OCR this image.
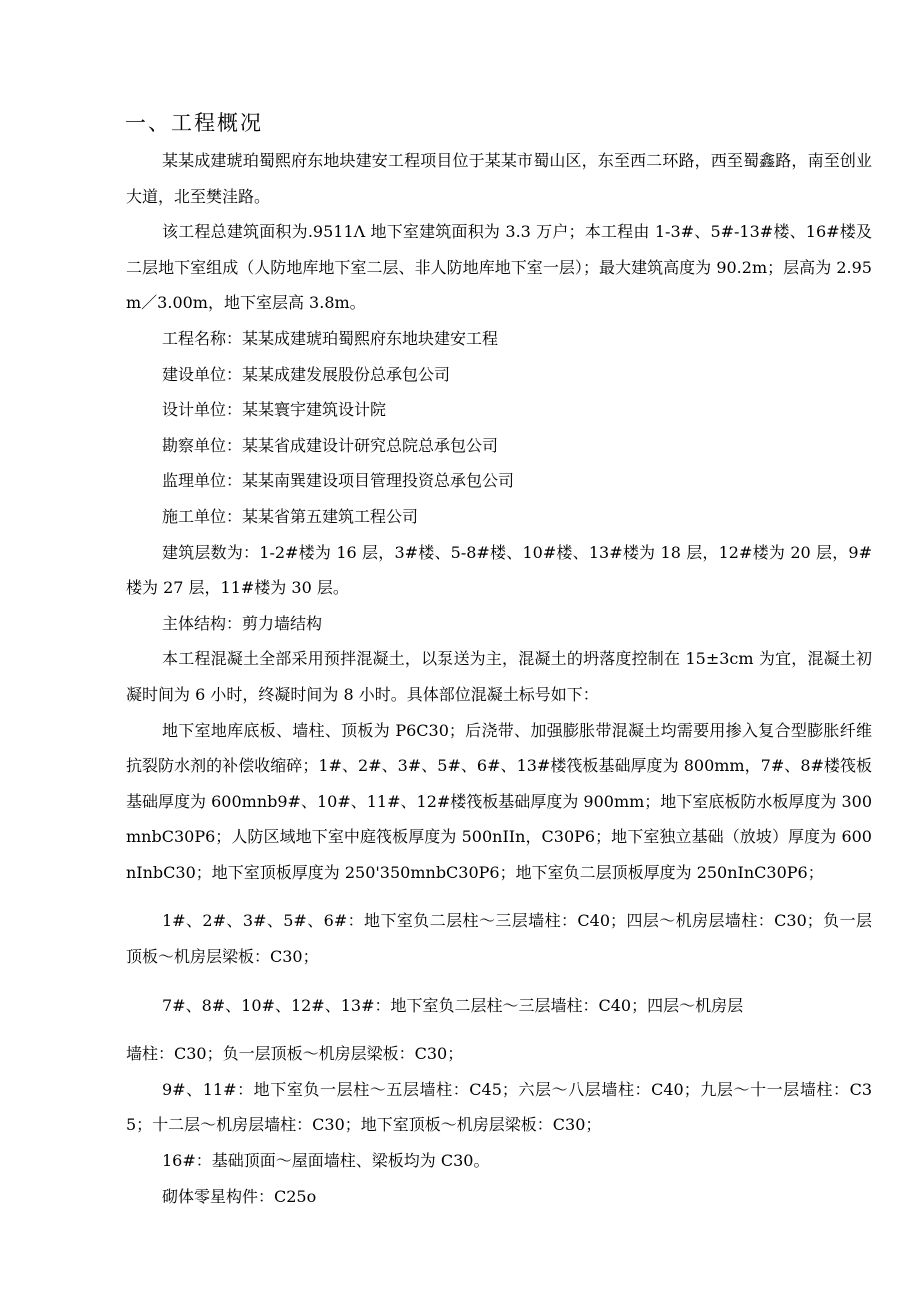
一、工程概况

某某成建琥珀蜀熙府东地块建安工程项目位于某某市蜀山区，东至西二环路，西至蜀鑫路，南至创业大道，北至樊洼路。

该工程总建筑面积为.9511Λ 地下室建筑面积为 3.3 万户；本工程由 1-3#、5#-13#楼、16#楼及二层地下室组成（人防地库地下室二层、非人防地库地下室一层）；最大建筑高度为 90.2m；层高为 2.95m／3.00m，地下室层高 3.8m。

工程名称：某某成建琥珀蜀熙府东地块建安工程

建设单位：某某成建发展股份总承包公司

设计单位：某某寰宇建筑设计院

勘察单位：某某省成建设计研究总院总承包公司

监理单位：某某南巽建设项目管理投资总承包公司

施工单位：某某省第五建筑工程公司

建筑层数为：1-2#楼为 16 层，3#楼、5-8#楼、10#楼、13#楼为 18 层，12#楼为 20 层，9#楼为 27 层，11#楼为 30 层。

主体结构：剪力墙结构

本工程混凝土全部采用预拌混凝土，以泵送为主，混凝土的坍落度控制在 15±3cm 为宜，混凝土初凝时间为 6 小时，终凝时间为 8 小时。具体部位混凝土标号如下：

地下室地库底板、墙柱、顶板为 P6C30；后浇带、加强膨胀带混凝土均需要用掺入复合型膨胀纤维抗裂防水剂的补偿收缩碎；1#、2#、3#、5#、6#、13#楼筏板基础厚度为 800mm，7#、8#楼筏板基础厚度为 600mnb9#、10#、11#、12#楼筏板基础厚度为 900mm；地下室底板防水板厚度为 300mnbC30P6；人防区域地下室中庭筏板厚度为 500nIIn，C30P6；地下室独立基础（放坡）厚度为 600nInbC30；地下室顶板厚度为 250'350mnbC30P6；地下室负二层顶板厚度为 250nInC30P6；

1#、2#、3#、5#、6#：地下室负二层柱～三层墙柱：C40；四层～机房层墙柱：C30；负一层顶板～机房层梁板：C30；

7#、8#、10#、12#、13#：地下室负二层柱～三层墙柱：C40；四层～机房层

墙柱：C30；负一层顶板～机房层梁板：C30；

9#、11#：地下室负一层柱～五层墙柱：C45；六层～八层墙柱：C40；九层～十一层墙柱：C35；十二层～机房层墙柱：C30；地下室顶板～机房层梁板：C30；

16#：基础顶面～屋面墙柱、梁板均为 C30。

砌体零星构件：C25o
